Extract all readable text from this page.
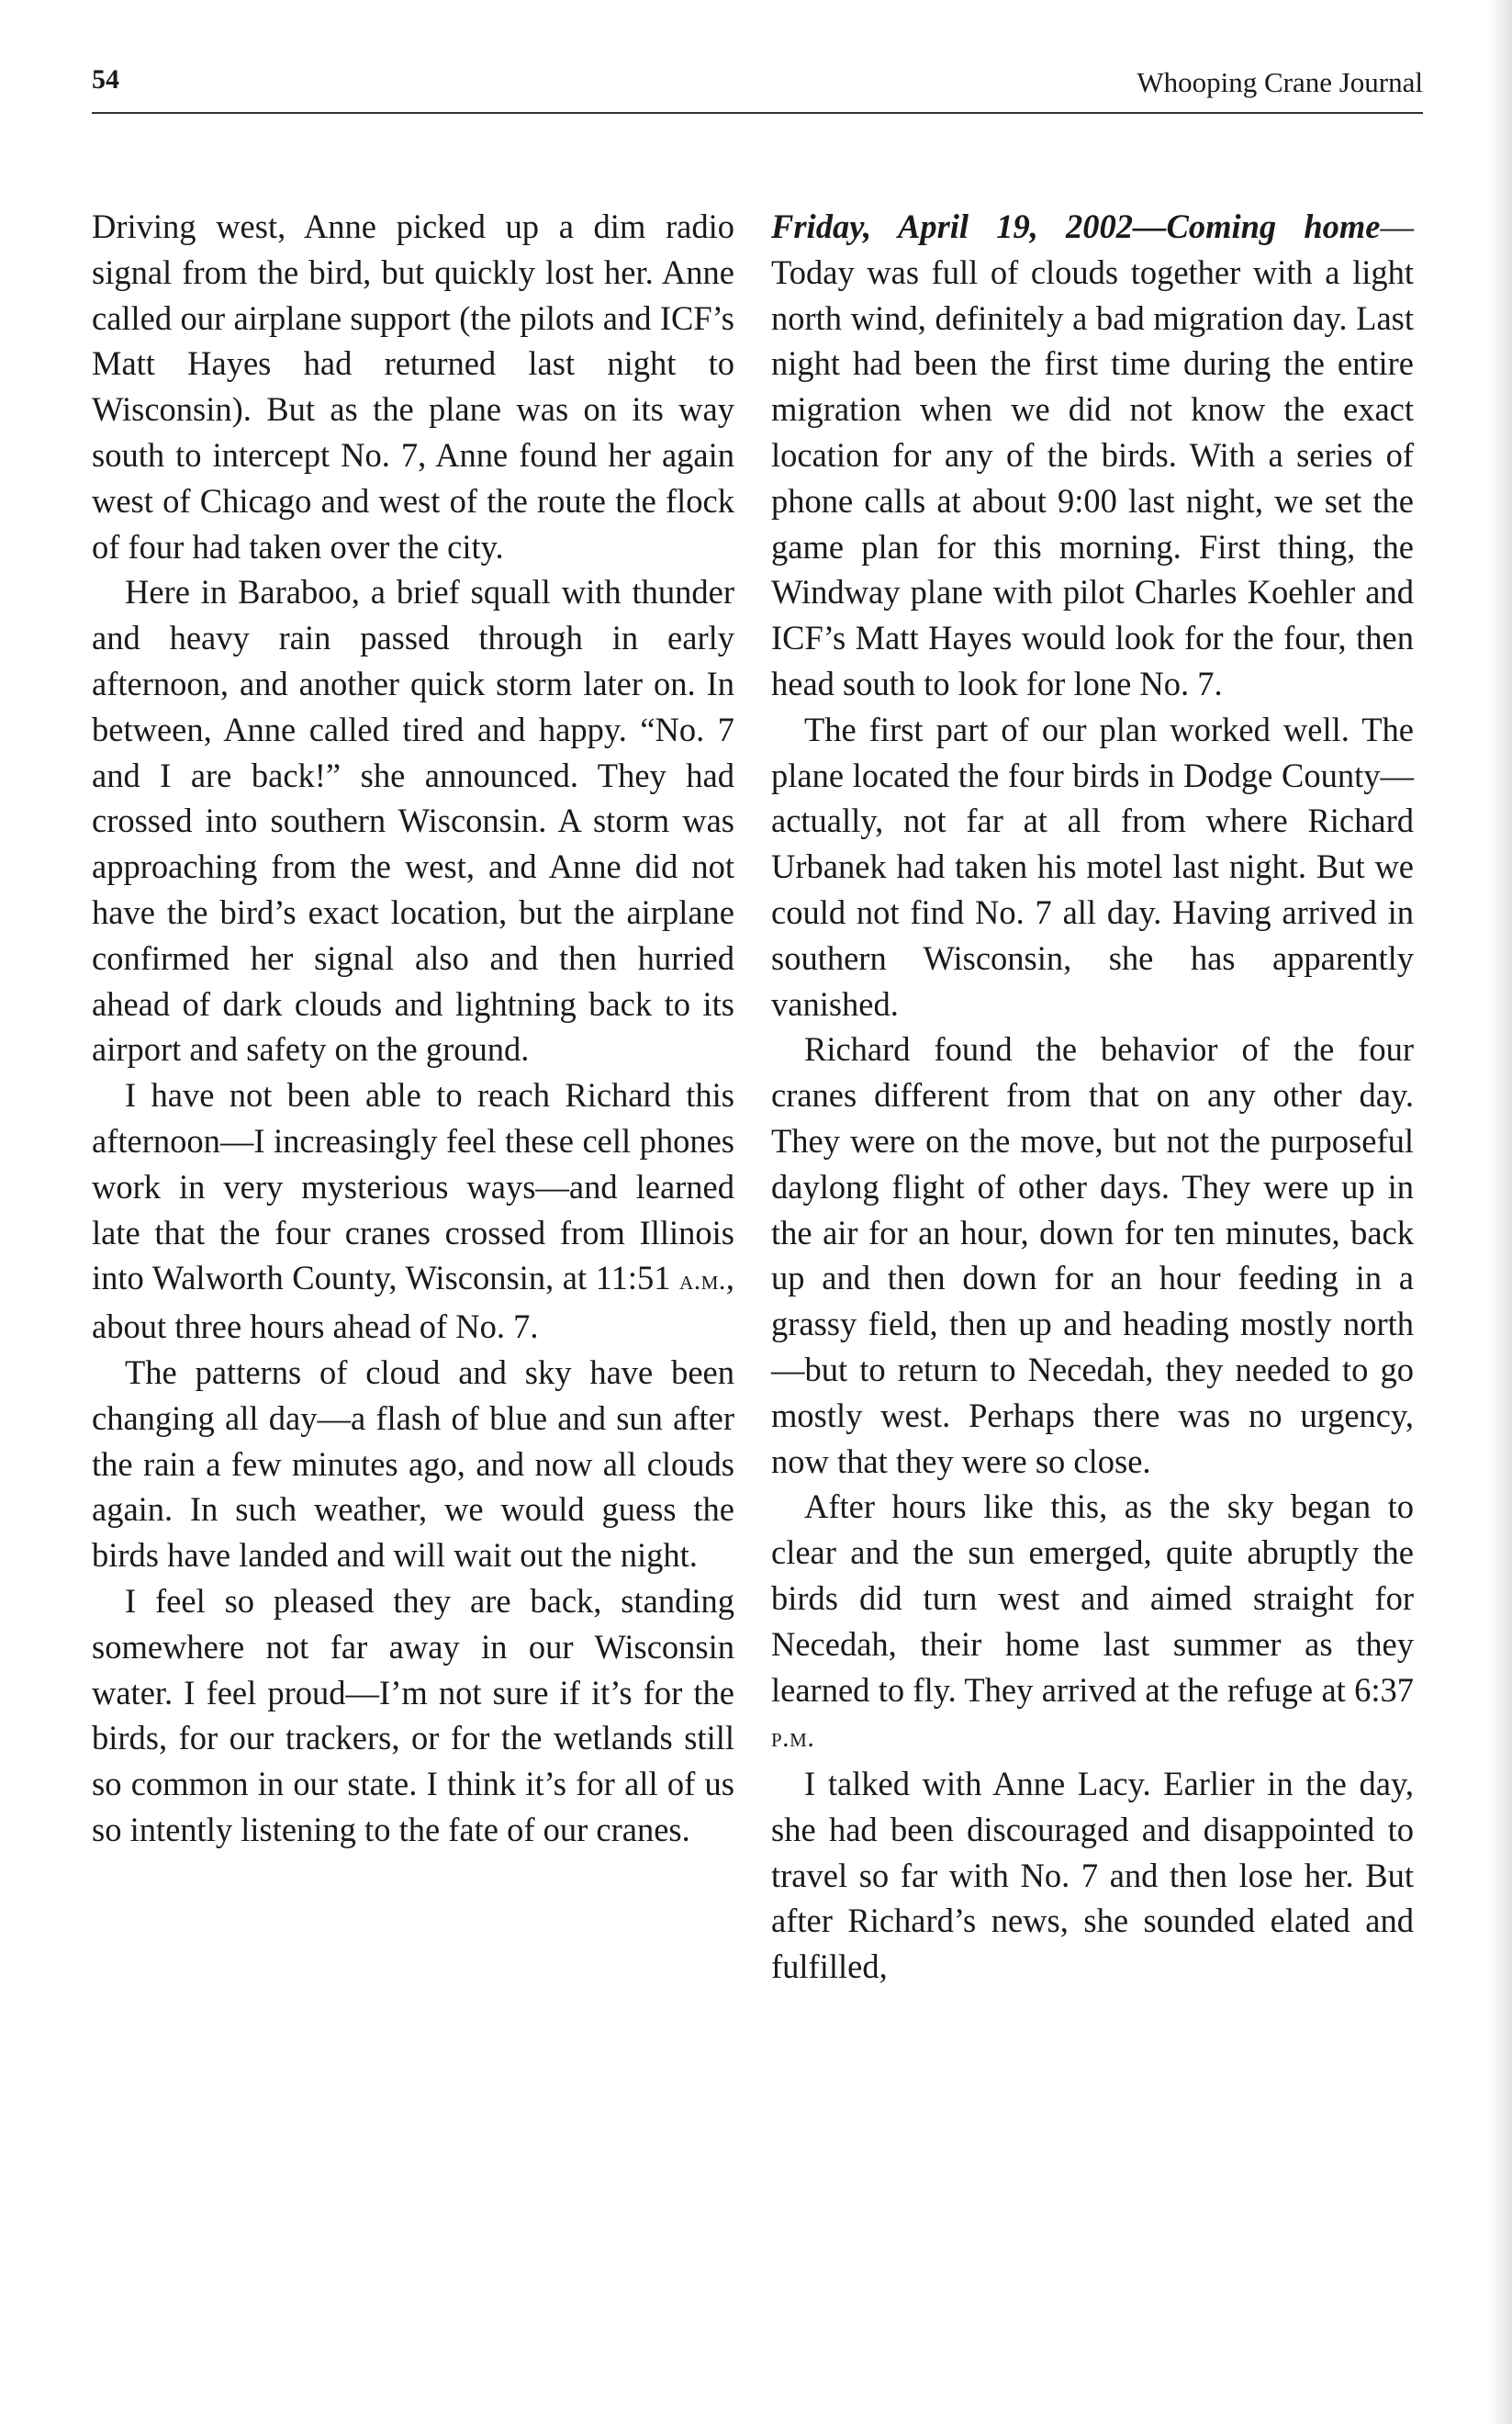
54	Whooping Crane Journal

Driving west, Anne picked up a dim radio signal from the bird, but quickly lost her. Anne called our airplane support (the pilots and ICF’s Matt Hayes had returned last night to Wisconsin). But as the plane was on its way south to intercept No. 7, Anne found her again west of Chicago and west of the route the flock of four had taken over the city.

Here in Baraboo, a brief squall with thunder and heavy rain passed through in early afternoon, and another quick storm later on. In between, Anne called tired and happy. “No. 7 and I are back!” she announced. They had crossed into southern Wisconsin. A storm was approaching from the west, and Anne did not have the bird’s exact location, but the airplane confirmed her signal also and then hurried ahead of dark clouds and lightning back to its airport and safety on the ground.

I have not been able to reach Richard this afternoon—I increasingly feel these cell phones work in very mysterious ways—and learned late that the four cranes crossed from Illinois into Walworth County, Wisconsin, at 11:51 a.m., about three hours ahead of No. 7.

The patterns of cloud and sky have been changing all day—a flash of blue and sun after the rain a few minutes ago, and now all clouds again. In such weather, we would guess the birds have landed and will wait out the night.

I feel so pleased they are back, standing somewhere not far away in our Wisconsin water. I feel proud—I’m not sure if it’s for the birds, for our trackers, or for the wetlands still so common in our state. I think it’s for all of us so intently listening to the fate of our cranes.

Friday, April 19, 2002—Coming home—Today was full of clouds together with a light north wind, definitely a bad migration day. Last night had been the first time during the entire migration when we did not know the exact location for any of the birds. With a series of phone calls at about 9:00 last night, we set the game plan for this morning. First thing, the Windway plane with pilot Charles Koehler and ICF’s Matt Hayes would look for the four, then head south to look for lone No. 7.

The first part of our plan worked well. The plane located the four birds in Dodge County—actually, not far at all from where Richard Urbanek had taken his motel last night. But we could not find No. 7 all day. Having arrived in southern Wisconsin, she has apparently vanished.

Richard found the behavior of the four cranes different from that on any other day. They were on the move, but not the purposeful daylong flight of other days. They were up in the air for an hour, down for ten minutes, back up and then down for an hour feeding in a grassy field, then up and heading mostly north—but to return to Necedah, they needed to go mostly west. Perhaps there was no urgency, now that they were so close.

After hours like this, as the sky began to clear and the sun emerged, quite abruptly the birds did turn west and aimed straight for Necedah, their home last summer as they learned to fly. They arrived at the refuge at 6:37 p.m.

I talked with Anne Lacy. Earlier in the day, she had been discouraged and disappointed to travel so far with No. 7 and then lose her. But after Richard’s news, she sounded elated and fulfilled,
